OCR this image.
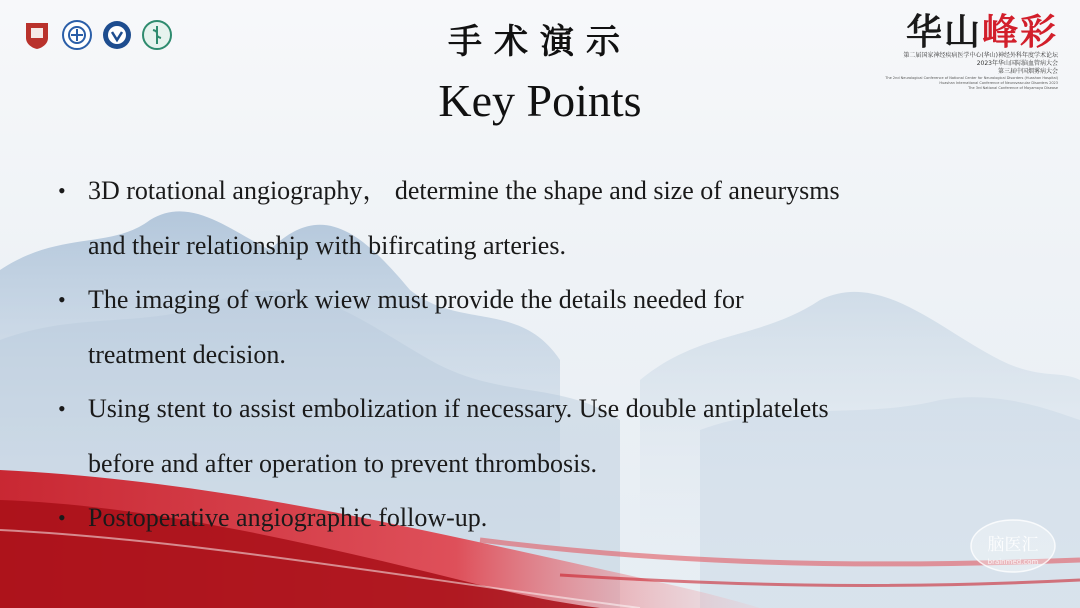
手术演示
Key Points
华山峰彩
第二届国家神经疾病医学中心(华山)神经外科年度学术论坛
2023年华山国际脑血管病大会
第三届中国烟雾病大会
The 2nd Neurological Conference of National Center for Neurological Disorders (Huashan Hospital)
Huashan International Conference of Neurovascular Disorders 2023
The 3rd National Conference of Moyamoya Disease
• 3D rotational angiography， determine the shape and size of aneurysms
and their relationship with bifircating arteries.
• The imaging of work wiew must provide the details needed for
treatment decision.
• Using stent to assist embolization if necessary. Use double antiplatelets
before and after operation to prevent thrombosis.
• Postoperative angiographic follow-up.
脑医汇
brainmed.com
